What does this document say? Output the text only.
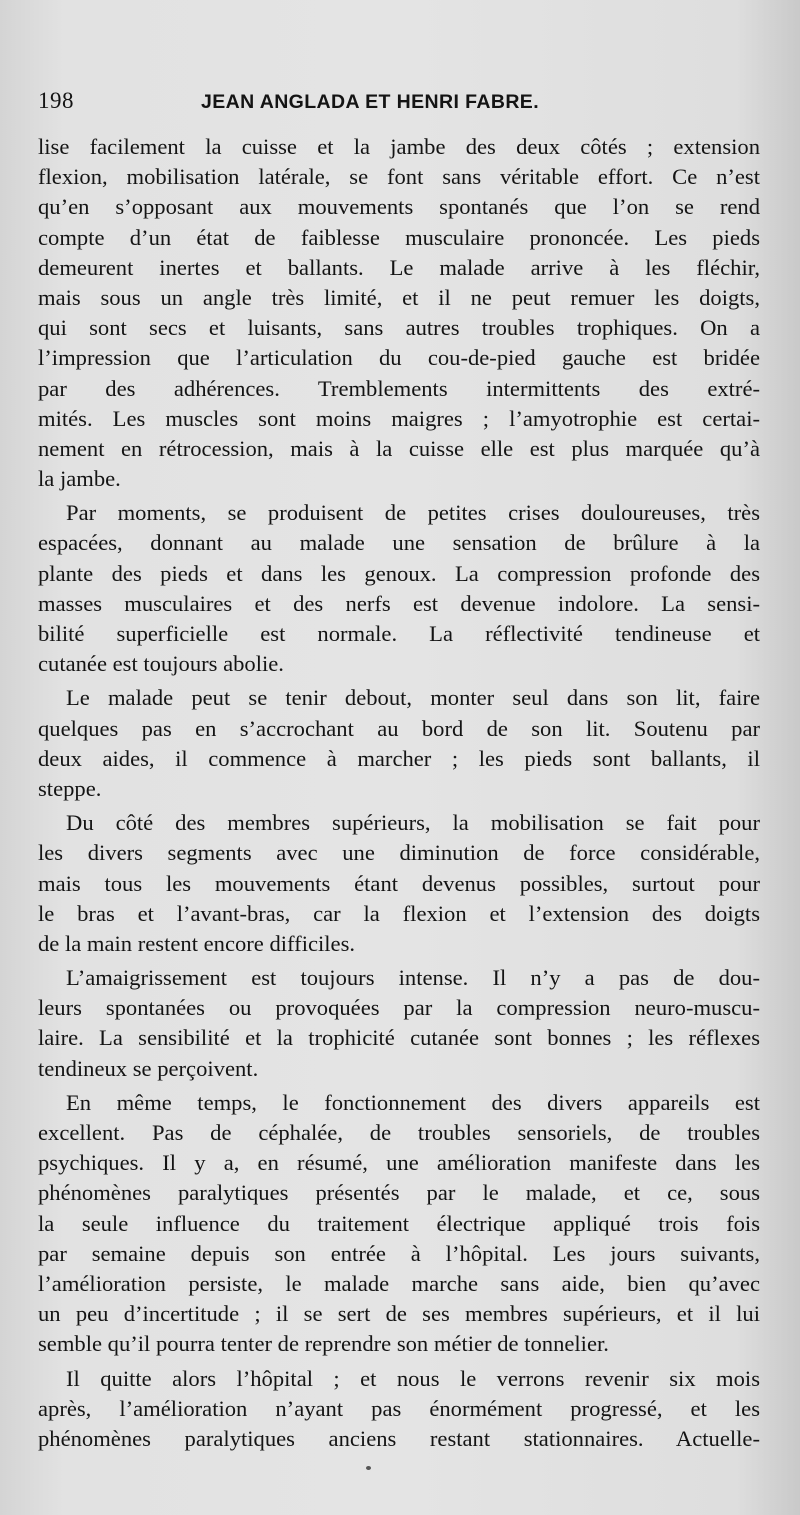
198	JEAN ANGLADA ET HENRI FABRE.
lise facilement la cuisse et la jambe des deux côtés ; extension
flexion, mobilisation latérale, se font sans véritable effort. Ce n’est
qu’en s’opposant aux mouvements spontanés que l’on se rend
compte d’un état de faiblesse musculaire prononcée. Les pieds
demeurent inertes et ballants. Le malade arrive à les fléchir,
mais sous un angle très limité, et il ne peut remuer les doigts,
qui sont secs et luisants, sans autres troubles trophiques. On a
l’impression que l’articulation du cou-de-pied gauche est bridée
par des adhérences. Tremblements intermittents des extré-
mités. Les muscles sont moins maigres ; l’amyotrophie est certai-
nement en rétrocession, mais à la cuisse elle est plus marquée qu’à
la jambe.
Par moments, se produisent de petites crises douloureuses, très
espacées, donnant au malade une sensation de brûlure à la
plante des pieds et dans les genoux. La compression profonde des
masses musculaires et des nerfs est devenue indolore. La sensi-
bilité superficielle est normale. La réflectivité tendineuse et
cutanée est toujours abolie.
Le malade peut se tenir debout, monter seul dans son lit, faire
quelques pas en s’accrochant au bord de son lit. Soutenu par
deux aides, il commence à marcher ; les pieds sont ballants, il
steppe.
Du côté des membres supérieurs, la mobilisation se fait pour
les divers segments avec une diminution de force considérable,
mais tous les mouvements étant devenus possibles, surtout pour
le bras et l’avant-bras, car la flexion et l’extension des doigts
de la main restent encore difficiles.
L’amaigrissement est toujours intense. Il n’y a pas de dou-
leurs spontanées ou provoquées par la compression neuro-muscu-
laire. La sensibilité et la trophicité cutanée sont bonnes ; les réflexes
tendineux se perçoivent.
En même temps, le fonctionnement des divers appareils est
excellent. Pas de céphalée, de troubles sensoriels, de troubles
psychiques. Il y a, en résumé, une amélioration manifeste dans les
phénomènes paralytiques présentés par le malade, et ce, sous
la seule influence du traitement électrique appliqué trois fois
par semaine depuis son entrée à l’hôpital. Les jours suivants,
l’amélioration persiste, le malade marche sans aide, bien qu’avec
un peu d’incertitude ; il se sert de ses membres supérieurs, et il lui
semble qu’il pourra tenter de reprendre son métier de tonnelier.
Il quitte alors l’hôpital ; et nous le verrons revenir six mois
après, l’amélioration n’ayant pas énormément progressé, et les
phénomènes paralytiques anciens restant stationnaires. Actuelle-
